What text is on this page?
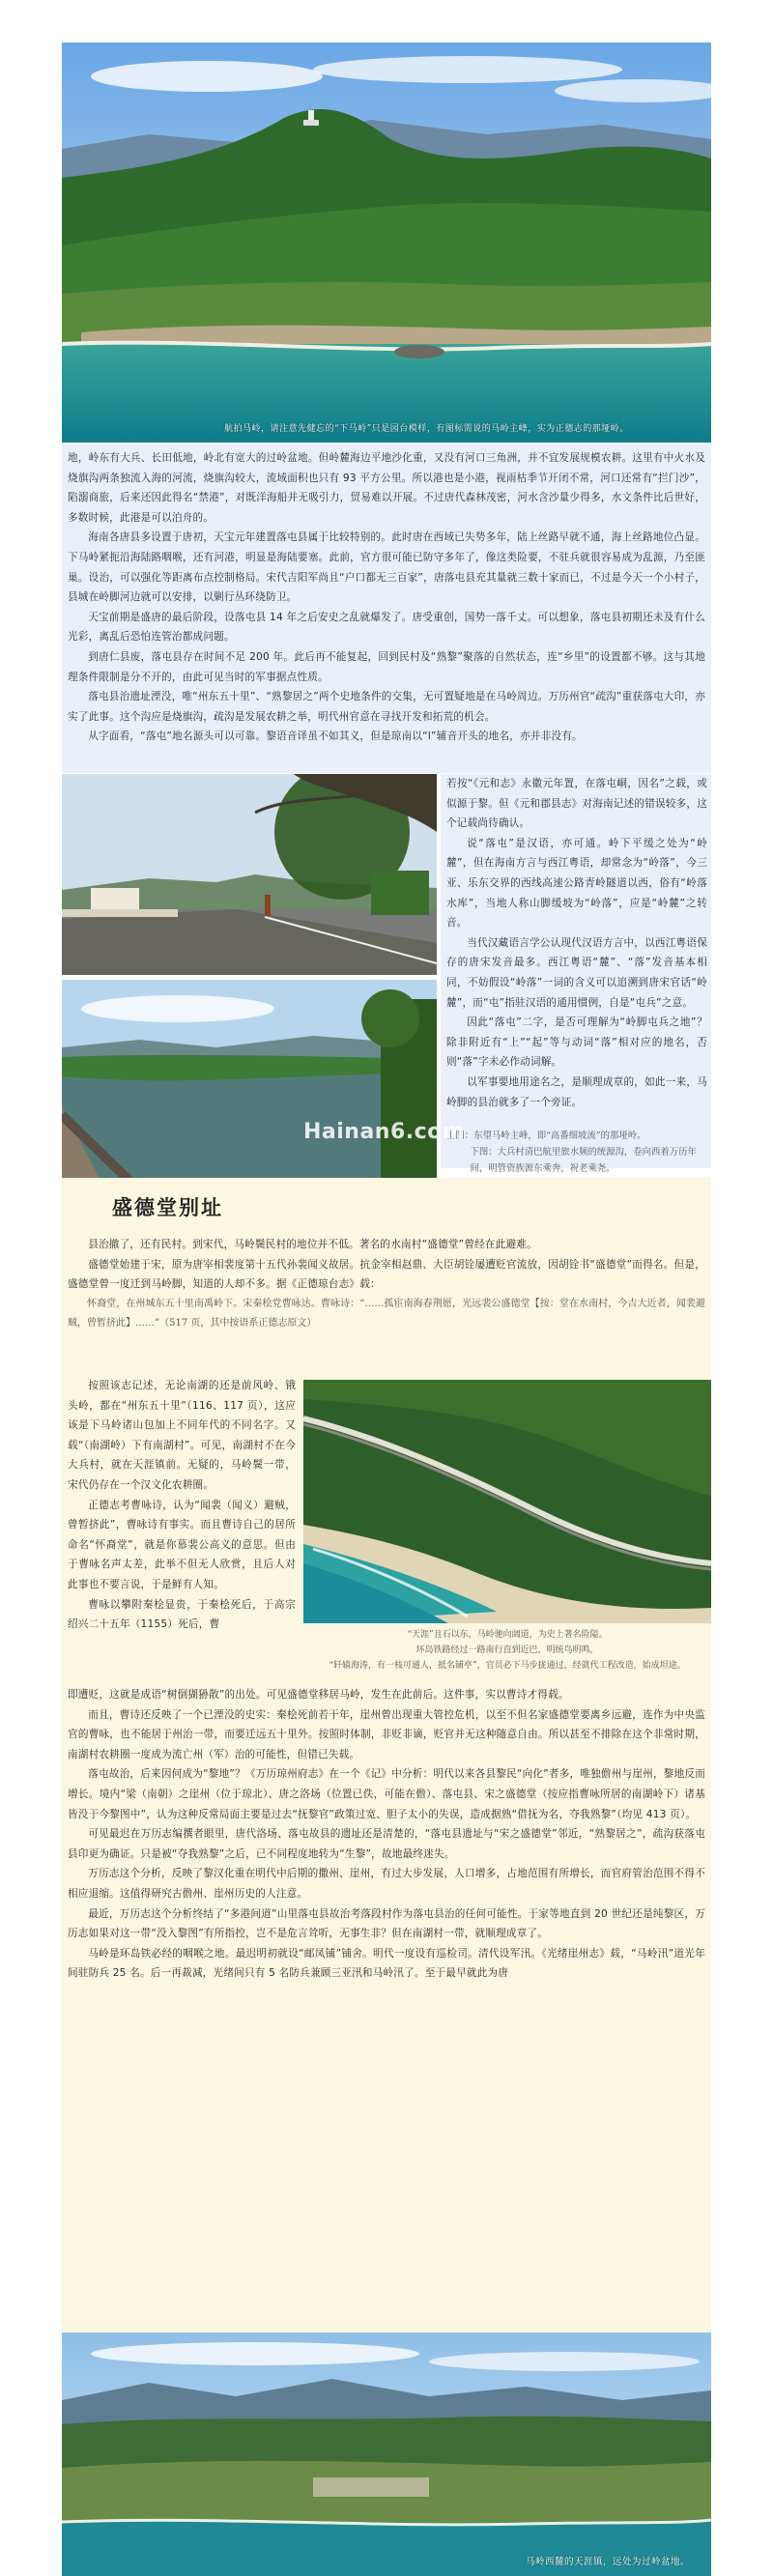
航拍马岭，请注意先健忘的“下马岭”只是园台模样，有图标需说的马岭主峰，实为正德志的那垭岭。

地，岭东有大兵、长田低地，岭北有宽大的过岭盆地。但岭麓海边平地沙化重，又没有河口三角洲，并不宜发展规模农耕。这里有中火水及烧旗沟两条独流入海的河流，烧旗沟较大，流域面积也只有 93 平方公里。所以港也是小港，视雨枯季节开闭不常，河口还常有“拦门沙”，陷溺商旅，后来还因此得名“禁港”，对既洋海船并无吸引力，贸易难以开展。不过唐代森林茂密，河水含沙量少得多，水文条件比后世好，多数时候，此港是可以泊舟的。

海南各唐县多设置于唐初，天宝元年建置落屯县属于比较特别的。此时唐在西域已失势多年，陆上丝路早就不通，海上丝路地位凸显。下马岭紧扼沿海陆路咽喉，还有河港，明显是海陆要塞。此前，官方很可能已防守多年了，像这类险要，不驻兵就很容易成为乱源，乃至匪巢。设治，可以强化等距离布点控制格局。宋代吉阳军尚且“户口都无三百家”，唐落屯县充其量就三数十家而已，不过是今天一个小村子，县城在岭脚河边就可以安排，以剿行丛环绕防卫。

天宝前期是盛唐的最后阶段，设落屯县 14 年之后安史之乱就爆发了。唐受重创，国势一落千丈。可以想象，落屯县初期还未及有什么光彩，离乱后恐怕连管治都成问题。

到唐仁县废，落屯县存在时间不足 200 年。此后再不能复起，回到民村及“熟黎”聚落的自然状态，连“乡里”的设置都不够。这与其地理条件限制是分不开的，由此可见当时的军事据点性质。

落屯县治遗址湮没，唯“州东五十里”、“熟黎居之”两个史地条件的交集，无可置疑地是在马岭周边。万历州官“疏沟”重获落屯大印，亦实了此事。这个沟应是烧旗沟，疏沟是发展农耕之举，明代州官意在寻找开发和拓荒的机会。

从字面看，“落屯”地名源头可以可靠。黎语音译虽不如其义，但是琼南以“l”辅音开头的地名，亦并非没有。

若按“《元和志》永徽元年置，在落屯峒，因名”之载，或似源于黎。但《元和郡县志》对海南记述的错误较多，这个记载尚待确认。

说“落屯”是汉语，亦可通。岭下平缓之处为“岭麓”，但在海南方言与西江粤语，却常念为“岭落”，今三亚、乐东交界的西线高速公路青岭隧道以西，俗有“岭落水库”，当地人称山脚缓坡为“岭落”，应是“岭麓”之转音。

当代汉藏语言学公认现代汉语方言中，以西江粤语保存的唐宋发音最多。西江粤语“麓”、“落”发音基本相同，不妨假设“岭落”一词的含义可以追溯到唐宋官话“岭麓”，而“屯”指驻汉语的通用惯例，自是“屯兵”之意。

因此“落屯”二字，是否可理解为“岭脚屯兵之地”？除非附近有“上”“起”等与动词“落”相对应的地名，否则“落”字未必作动词解。

以军事要地用途名之，是顺理成章的，如此一来，马岭脚的县治就多了一个旁证。

上图：东望马岭主峰，即“高番细坡流”的那垭岭。

下图：大兵村清巴航里旅水频的统源沟，卷向西着万历年间，明管资族源东乘奔，祝老乘尧。

Hainan6.com
盛德堂别址

县治撤了，还有民村。到宋代，马岭鬓民村的地位并不低。著名的水南村“盛德堂”曾经在此避难。

盛德堂始建于宋，原为唐宰相裴度第十五代孙裴闻义故居。抗金宰相赵鼎、大臣胡铨屡遭贬官流放，因胡铨书“盛德堂”而得名。但是，盛德堂曾一度迁到马岭脚，知道的人却不多。据《正德琼台志》载：

怀裔堂，在州城东五十里南禹岭下。宋秦桧党曹咏达。曹咏诗：“……孤宦南海春荆愿，光远裴公盛德堂【按：堂在水南村，今吉大近者，闻裴避贼，曾暂挤此】……”（517 页，其中按语系正德志原文）

按照该志记述，无论南湖的还是前风岭、锇头岭，都在“州东五十里”（116、117 页），这应该是下马岭诸山包加上不同年代的不同名字。又载“（南湖岭）下有南湖村”。可见，南湖村不在今大兵村，就在天涯镇前。无疑的，马岭鬓一带，宋代仍存在一个汉文化农耕圈。

正德志考曹咏诗，认为“闻裴（闻义）避贼，曾暂挤此”，曹咏诗有事实。而且曹诗自己的居所命名“怀裔堂”，就是你慕裴公高义的意思。但由于曹咏名声太差，此举不但无人欣赏，且后人对此事也不要言说，于是鲜有人知。

曹咏以攀附秦桧显贵，于秦桧死后，于高宗绍兴二十五年（1155）死后，曹

“天涯”且石以东，马岭驰向阔道，为史上著名险隘。

环岛铁路经过一路南行直到近巴，明统鸟明鸣，

“轩辕海涛，有一枝可通人，抵名铺亭”，官员必下马步拢通过，经就代工程改造，始成坦途。

即遭贬，这就是成语“树倒猢狲散”的出处。可见盛德堂移居马岭，发生在此前后。这件事，实以曹诗才得载。

而且，曹诗还反映了一个已湮没的史实：秦桧死前若干年，崖州曾出现重大管控危机，以至不但名家盛德堂要离乡远避，连作为中央监官的曹咏，也不能居于州治一带，而要迁远五十里外。按照时体制，非贬非谪，贬官并无这种随意自由。所以甚至不排除在这个非常时期，南湖村农耕圈一度成为流亡州（军）治的可能性，但错已失载。

落屯故治，后来因何成为“黎地”？《万历琼州府志》在一个《记》中分析：明代以来各县黎民“向化”者多，唯独儋州与崖州，黎地反而增长。境内“梁（南朝）之崖州（位于琼北）、唐之洛场（位置已佚，可能在儋）、落屯县、宋之盛德堂（按应指曹咏所居的南湖岭下）诸基皆没于今黎图中”，认为这种反常局面主要是过去“抚黎官”政策过宽、胆子太小的失误，造成据熟“借抚为名，夺我熟黎”（均见 413 页）。

可见最迟在万历志编撰者眼里，唐代洛场、落屯故县的遗址还是清楚的，“落屯县遗址与“宋之盛德堂”邻近，“熟黎居之”，疏沟获落屯县印更为确证。只是被“夺我熟黎”之后，已不同程度地转为“生黎”，故地最终迷失。

万历志这个分析，反映了黎汉化重在明代中后期的撒州、崖州，有过大步发展，人口增多，占地范围有所增长，而官府管治范围不得不相应退缩。这值得研究古儋州、崖州历史的人注意。

最近，万历志这个分析终结了“多港间道”山里落屯县故治考落段村作为落屯县治的任何可能性。于家等地直到 20 世纪还是纯黎区，万历志如果对这一带“没入黎图”有所指控，岂不是危言耸听，无事生非？但在南湖村一带，就顺理成章了。

马岭是环岛铁必经的咽喉之地。最迟明初就设“邮凤铺”铺舍。明代一度设有巡检司。清代设军汛。《光绪崖州志》载，“马岭汛”道光年间驻防兵 25 名。后一再裁减，光绪间只有 5 名防兵兼顾三亚汛和马岭汛了。至于最早就此为唐

马岭西麓的天涯镇，远处为过岭盆地。
